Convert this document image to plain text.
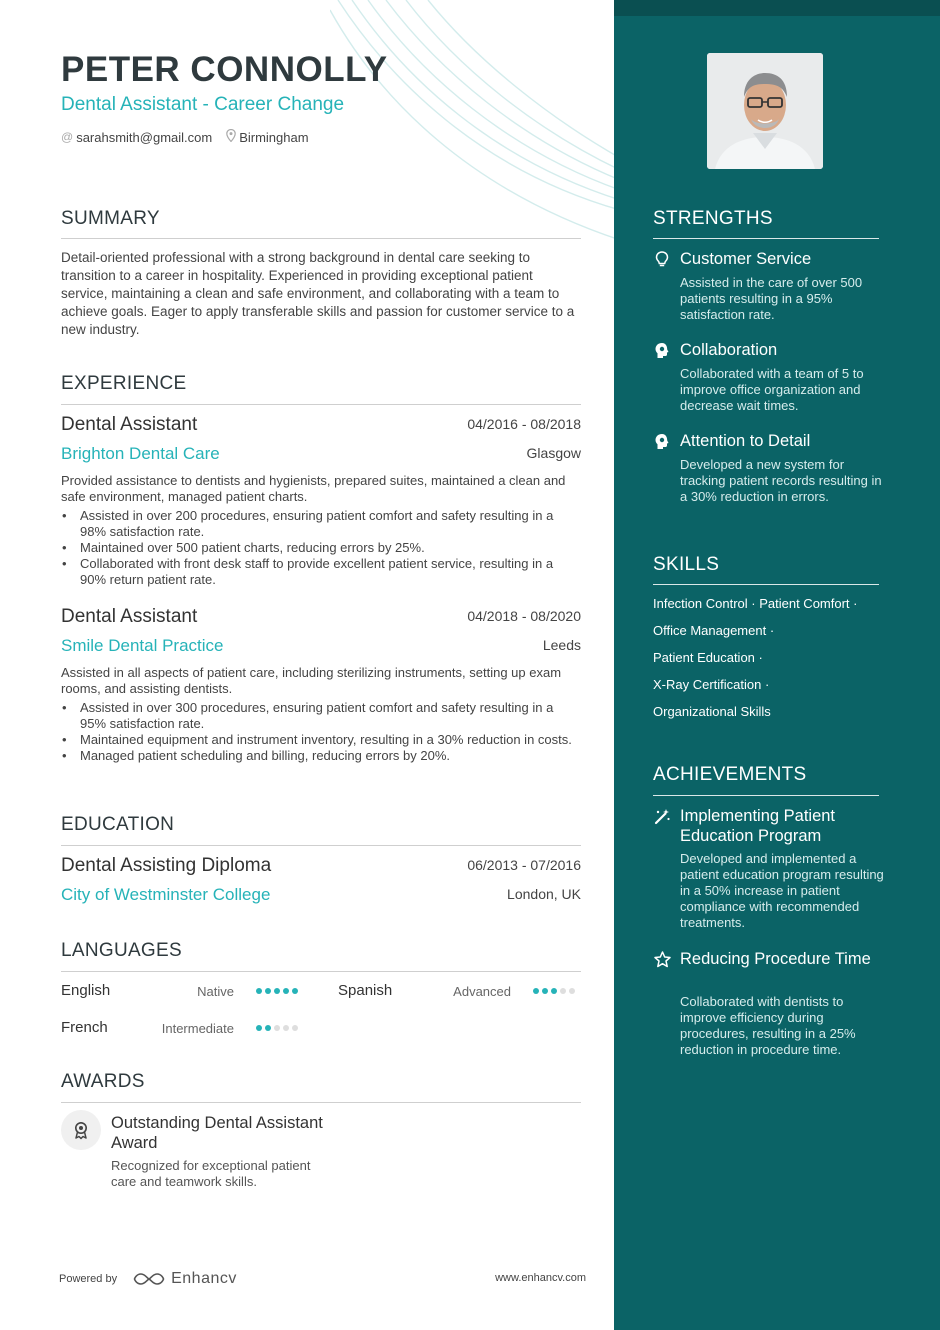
PETER CONNOLLY
Dental Assistant - Career Change
@ sarahsmith@gmail.com Birmingham
SUMMARY
Detail-oriented professional with a strong background in dental care seeking to transition to a career in hospitality. Experienced in providing exceptional patient service, maintaining a clean and safe environment, and collaborating with a team to achieve goals. Eager to apply transferable skills and passion for customer service to a new industry.
EXPERIENCE
Dental Assistant	04/2016 - 08/2018
Brighton Dental Care	Glasgow
Provided assistance to dentists and hygienists, prepared suites, maintained a clean and safe environment, managed patient charts.
• Assisted in over 200 procedures, ensuring patient comfort and safety resulting in a 98% satisfaction rate.
• Maintained over 500 patient charts, reducing errors by 25%.
• Collaborated with front desk staff to provide excellent patient service, resulting in a 90% return patient rate.
Dental Assistant	04/2018 - 08/2020
Smile Dental Practice	Leeds
Assisted in all aspects of patient care, including sterilizing instruments, setting up exam rooms, and assisting dentists.
• Assisted in over 300 procedures, ensuring patient comfort and safety resulting in a 95% satisfaction rate.
• Maintained equipment and instrument inventory, resulting in a 30% reduction in costs.
• Managed patient scheduling and billing, reducing errors by 20%.
EDUCATION
Dental Assisting Diploma	06/2013 - 07/2016
City of Westminster College	London, UK
LANGUAGES
English	Native	Spanish	Advanced
French	Intermediate
AWARDS
Outstanding Dental Assistant Award
Recognized for exceptional patient care and teamwork skills.
Powered by	Enhancv	www.enhancv.com
STRENGTHS
Customer Service
Assisted in the care of over 500 patients resulting in a 95% satisfaction rate.
Collaboration
Collaborated with a team of 5 to improve office organization and decrease wait times.
Attention to Detail
Developed a new system for tracking patient records resulting in a 30% reduction in errors.
SKILLS
Infection Control · Patient Comfort ·
Office Management ·
Patient Education ·
X-Ray Certification ·
Organizational Skills
ACHIEVEMENTS
Implementing Patient Education Program
Developed and implemented a patient education program resulting in a 50% increase in patient compliance with recommended treatments.
Reducing Procedure Time
Collaborated with dentists to improve efficiency during procedures, resulting in a 25% reduction in procedure time.
